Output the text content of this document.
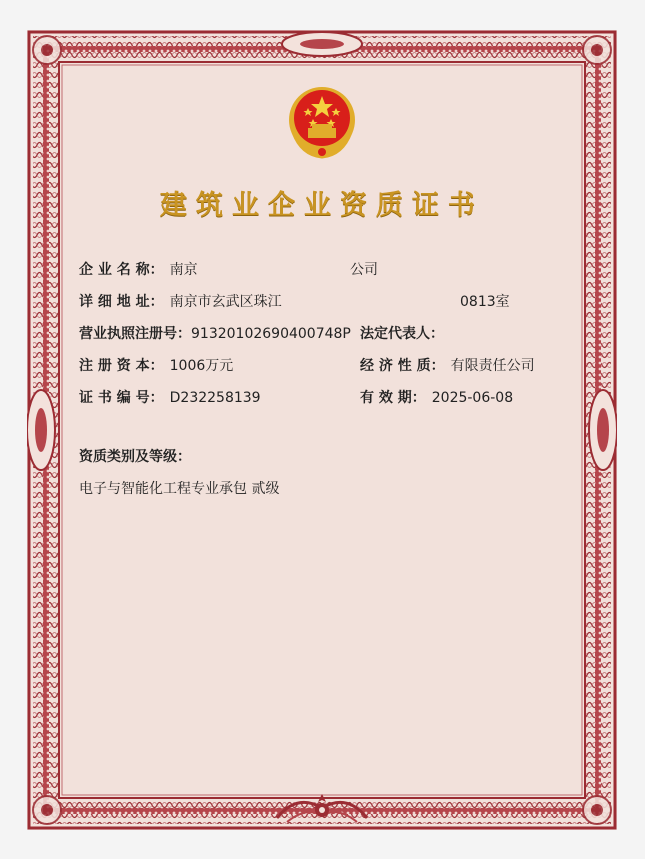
建筑业企业资质证书
企 业 名 称： 南京	公司
详 细 地 址： 南京市玄武区珠江	0813室
营业执照注册号：91320102690400748P 法定代表人：
注 册 资 本： 1006万元	经 济 性 质： 有限责任公司
证 书 编 号： D232258139	有 效 期： 2025-06-08
资质类别及等级：
电子与智能化工程专业承包 贰级
